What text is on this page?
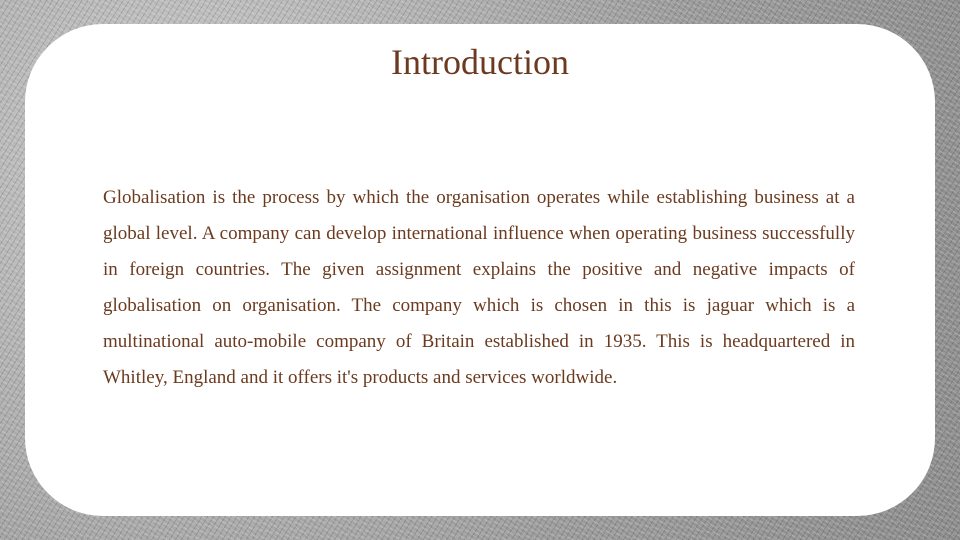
Introduction

Globalisation is the process by which the organisation operates while establishing business at a global level. A company can develop international influence when operating business successfully in foreign countries. The given assignment explains the positive and negative impacts of globalisation on organisation. The company which is chosen in this is jaguar which is a multinational auto-mobile company of Britain established in 1935. This is headquartered in Whitley, England and it offers it's products and services worldwide.
